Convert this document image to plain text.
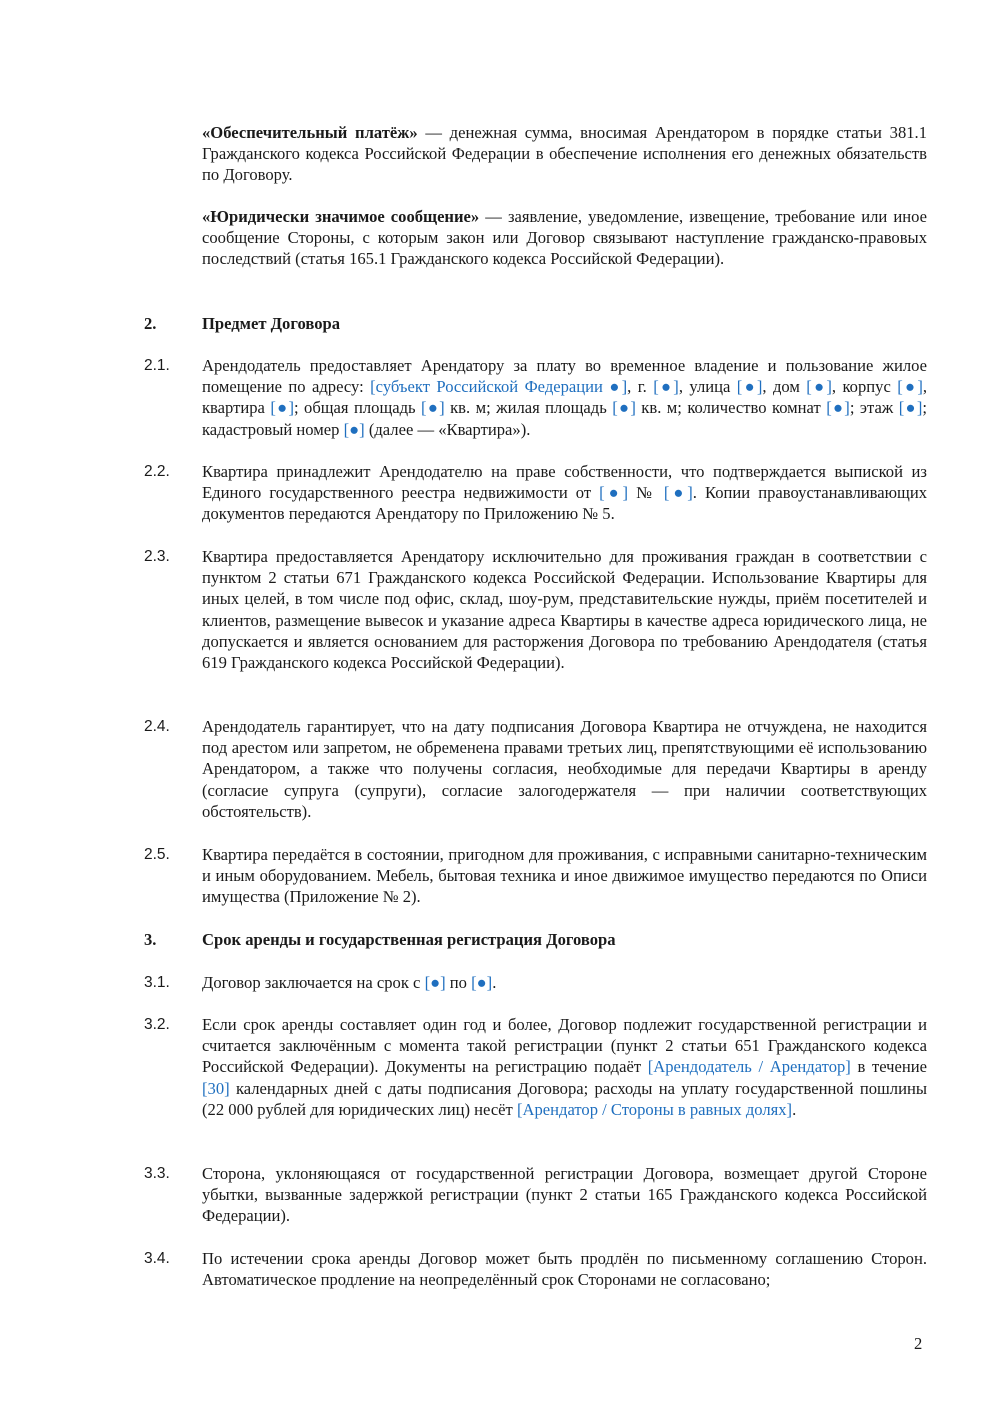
«Обеспечительный платёж» — денежная сумма, вносимая Арендатором в порядке статьи 381.1 Гражданского кодекса Российской Федерации в обеспечение исполнения его денежных обязательств по Договору.

«Юридически значимое сообщение» — заявление, уведомление, извещение, требование или иное сообщение Стороны, с которым закон или Договор связывают наступление гражданско-правовых последствий (статья 165.1 Гражданского кодекса Российской Федерации).

2.	Предмет Договора
2.1. Арендодатель предоставляет Арендатору за плату во временное владение и пользование жилое помещение по адресу: [субъект Российской Федерации ●], г. [●], улица [●], дом [●], корпус [●], квартира [●]; общая площадь [●] кв. м; жилая площадь [●] кв. м; количество комнат [●]; этаж [●]; кадастровый номер [●] (далее — «Квартира»).

2.2. Квартира принадлежит Арендодателю на праве собственности, что подтверждается выпиской из Единого государственного реестра недвижимости от [●] № [●]. Копии правоустанавливающих документов передаются Арендатору по Приложению № 5.

2.3. Квартира предоставляется Арендатору исключительно для проживания граждан в соответствии с пунктом 2 статьи 671 Гражданского кодекса Российской Федерации. Использование Квартиры для иных целей, в том числе под офис, склад, шоу-рум, представительские нужды, приём посетителей и клиентов, размещение вывесок и указание адреса Квартиры в качестве адреса юридического лица, не допускается и является основанием для расторжения Договора по требованию Арендодателя (статья 619 Гражданского кодекса Российской Федерации).

2.4. Арендодатель гарантирует, что на дату подписания Договора Квартира не отчуждена, не находится под арестом или запретом, не обременена правами третьих лиц, препятствующими её использованию Арендатором, а также что получены согласия, необходимые для передачи Квартиры в аренду (согласие супруга (супруги), согласие залогодержателя — при наличии соответствующих обстоятельств).

2.5. Квартира передаётся в состоянии, пригодном для проживания, с исправными санитарно-техническим и иным оборудованием. Мебель, бытовая техника и иное движимое имущество передаются по Описи имущества (Приложение № 2).

3.	Срок аренды и государственная регистрация Договора
3.1. Договор заключается на срок с [●] по [●].

3.2. Если срок аренды составляет один год и более, Договор подлежит государственной регистрации и считается заключённым с момента такой регистрации (пункт 2 статьи 651 Гражданского кодекса Российской Федерации). Документы на регистрацию подаёт [Арендодатель / Арендатор] в течение [30] календарных дней с даты подписания Договора; расходы на уплату государственной пошлины (22 000 рублей для юридических лиц) несёт [Арендатор / Стороны в равных долях].

3.3. Сторона, уклоняющаяся от государственной регистрации Договора, возмещает другой Стороне убытки, вызванные задержкой регистрации (пункт 2 статьи 165 Гражданского кодекса Российской Федерации).

3.4. По истечении срока аренды Договор может быть продлён по письменному соглашению Сторон. Автоматическое продление на неопределённый срок Сторонами не согласовано;

2
